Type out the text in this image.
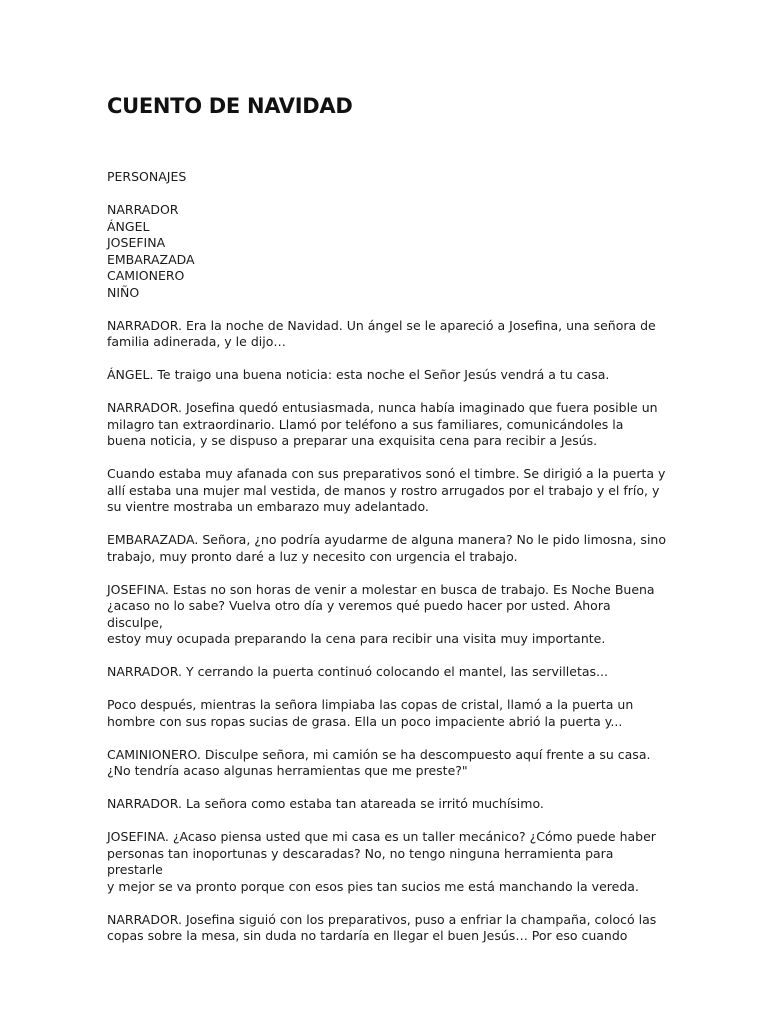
CUENTO DE NAVIDAD
PERSONAJES
NARRADOR
ÁNGEL
JOSEFINA
EMBARAZADA
CAMIONERO
NIÑO

NARRADOR. Era la noche de Navidad. Un ángel se le apareció a Josefina, una señora de
familia adinerada, y le dijo…

ÁNGEL. Te traigo una buena noticia: esta noche el Señor Jesús vendrá a tu casa.

NARRADOR. Josefina quedó entusiasmada, nunca había imaginado que fuera posible un
milagro tan extraordinario. Llamó por teléfono a sus familiares, comunicándoles la
buena noticia, y se dispuso a preparar una exquisita cena para recibir a Jesús.

Cuando estaba muy afanada con sus preparativos sonó el timbre. Se dirigió a la puerta y
allí estaba una mujer mal vestida, de manos y rostro arrugados por el trabajo y el frío, y
su vientre mostraba un embarazo muy adelantado.

EMBARAZADA. Señora, ¿no podría ayudarme de alguna manera? No le pido limosna, sino
trabajo, muy pronto daré a luz y necesito con urgencia el trabajo.

JOSEFINA. Estas no son horas de venir a molestar en busca de trabajo. Es Noche Buena
¿acaso no lo sabe? Vuelva otro día y veremos qué puedo hacer por usted. Ahora disculpe,
estoy muy ocupada preparando la cena para recibir una visita muy importante.

NARRADOR. Y cerrando la puerta continuó colocando el mantel, las servilletas...

Poco después, mientras la señora limpiaba las copas de cristal, llamó a la puerta un
hombre con sus ropas sucias de grasa. Ella un poco impaciente abrió la puerta y...

CAMINIONERO. Disculpe señora, mi camión se ha descompuesto aquí frente a su casa.
¿No tendría acaso algunas herramientas que me preste?"

NARRADOR. La señora como estaba tan atareada se irritó muchísimo.

JOSEFINA. ¿Acaso piensa usted que mi casa es un taller mecánico? ¿Cómo puede haber
personas tan inoportunas y descaradas? No, no tengo ninguna herramienta para prestarle
y mejor se va pronto porque con esos pies tan sucios me está manchando la vereda.

NARRADOR. Josefina siguió con los preparativos, puso a enfriar la champaña, colocó las
copas sobre la mesa, sin duda no tardaría en llegar el buen Jesús… Por eso cuando
